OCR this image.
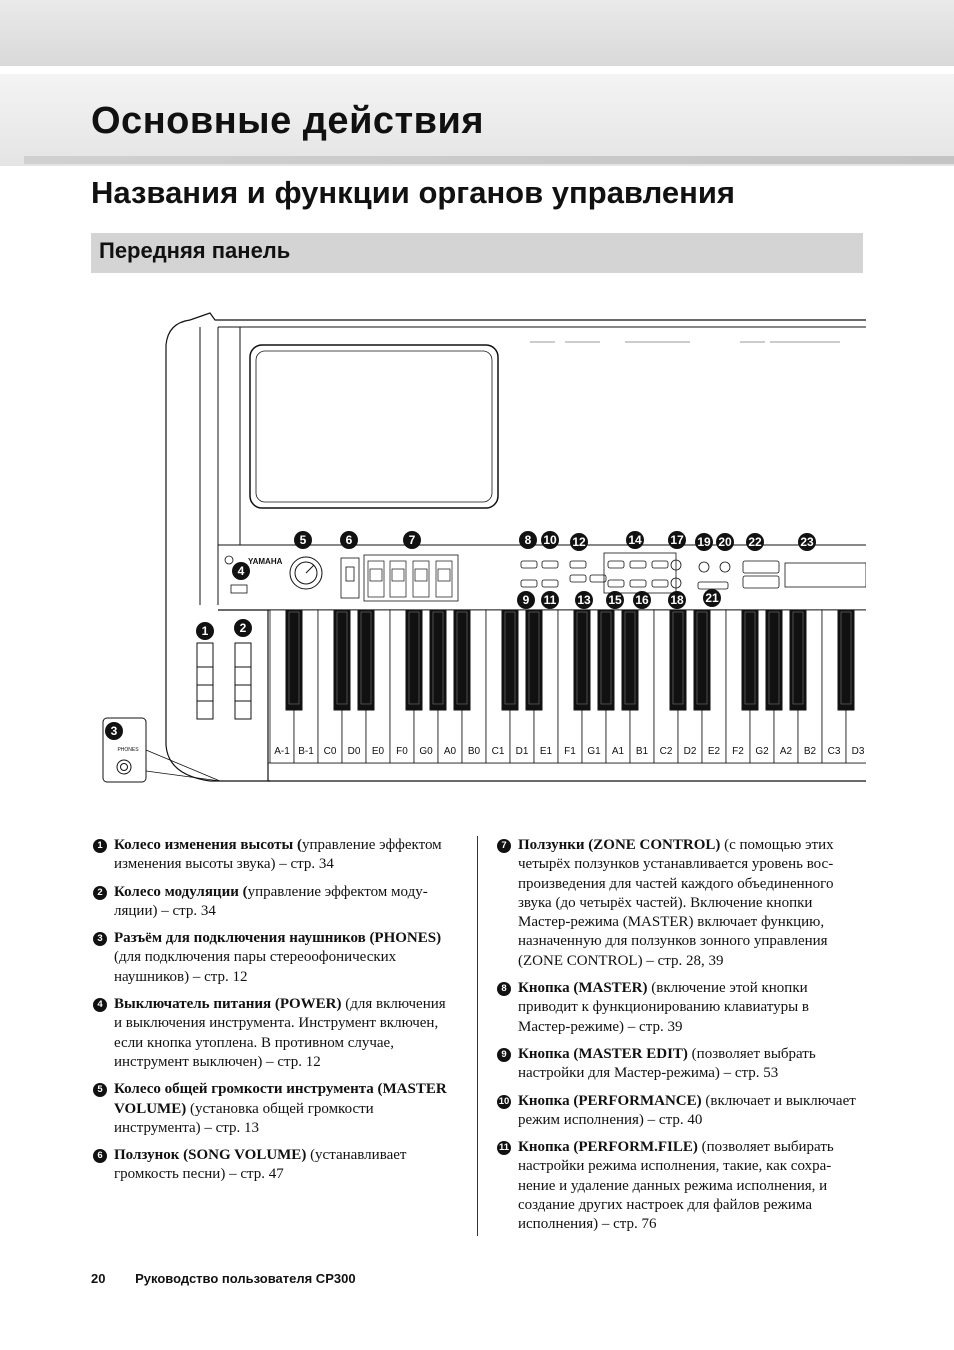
Основные действия
Названия и функции органов управления
Передняя панель
YAMAHA
PHONES	A-1 B-1 C0 D0 E0 F0 G0 A0 B0 C1 D1 E1 F1 G1 A1 B1 C2 D2 E2 F2 G2 A2 B2 C3 D3
1	2
3
4
5	6	7	8
9
10
11
12
13
14
15 16
17
18
19 20
21
22	23
1 Колесо изменения высоты (управление эффектом изменения высоты звука) – стр. 34
2 Колесо модуляции (управление эффектом модуляции) – стр. 34
3 Разъём для подключения наушников (PHONES) (для подключения пары стереоофонических наушников) – стр. 12
4 Выключатель питания (POWER) (для включения и выключения инструмента. Инструмент включен, если кнопка утоплена. В противном случае, инструмент выключен) – стр. 12
5 Колесо общей громкости инструмента (MASTER VOLUME) (установка общей громкости инструмента) – стр. 13
6 Ползунок (SONG VOLUME) (устанавливает громкость песни) – стр. 47
7 Ползунки (ZONE CONTROL) (с помощью этих четырёх ползунков устанавливается уровень воспроизведения для частей каждого объединенного звука (до четырёх частей). Включение кнопки Мастер-режима (MASTER) включает функцию, назначенную для ползунков зонного управления (ZONE CONTROL) – стр. 28, 39
8 Кнопка (MASTER) (включение этой кнопки приводит к функционированию клавиатуры в Мастер-режиме) – стр. 39
9 Кнопка (MASTER EDIT) (позволяет выбрать настройки для Мастер-режима) – стр. 53
10 Кнопка (PERFORMANCE) (включает и выключает режим исполнения) – стр. 40
11 Кнопка (PERFORM.FILE) (позволяет выбирать настройки режима исполнения, такие, как сохранение и удаление данных режима исполнения, и создание других настроек для файлов режима исполнения) – стр. 76
20 Руководство пользователя CP300
